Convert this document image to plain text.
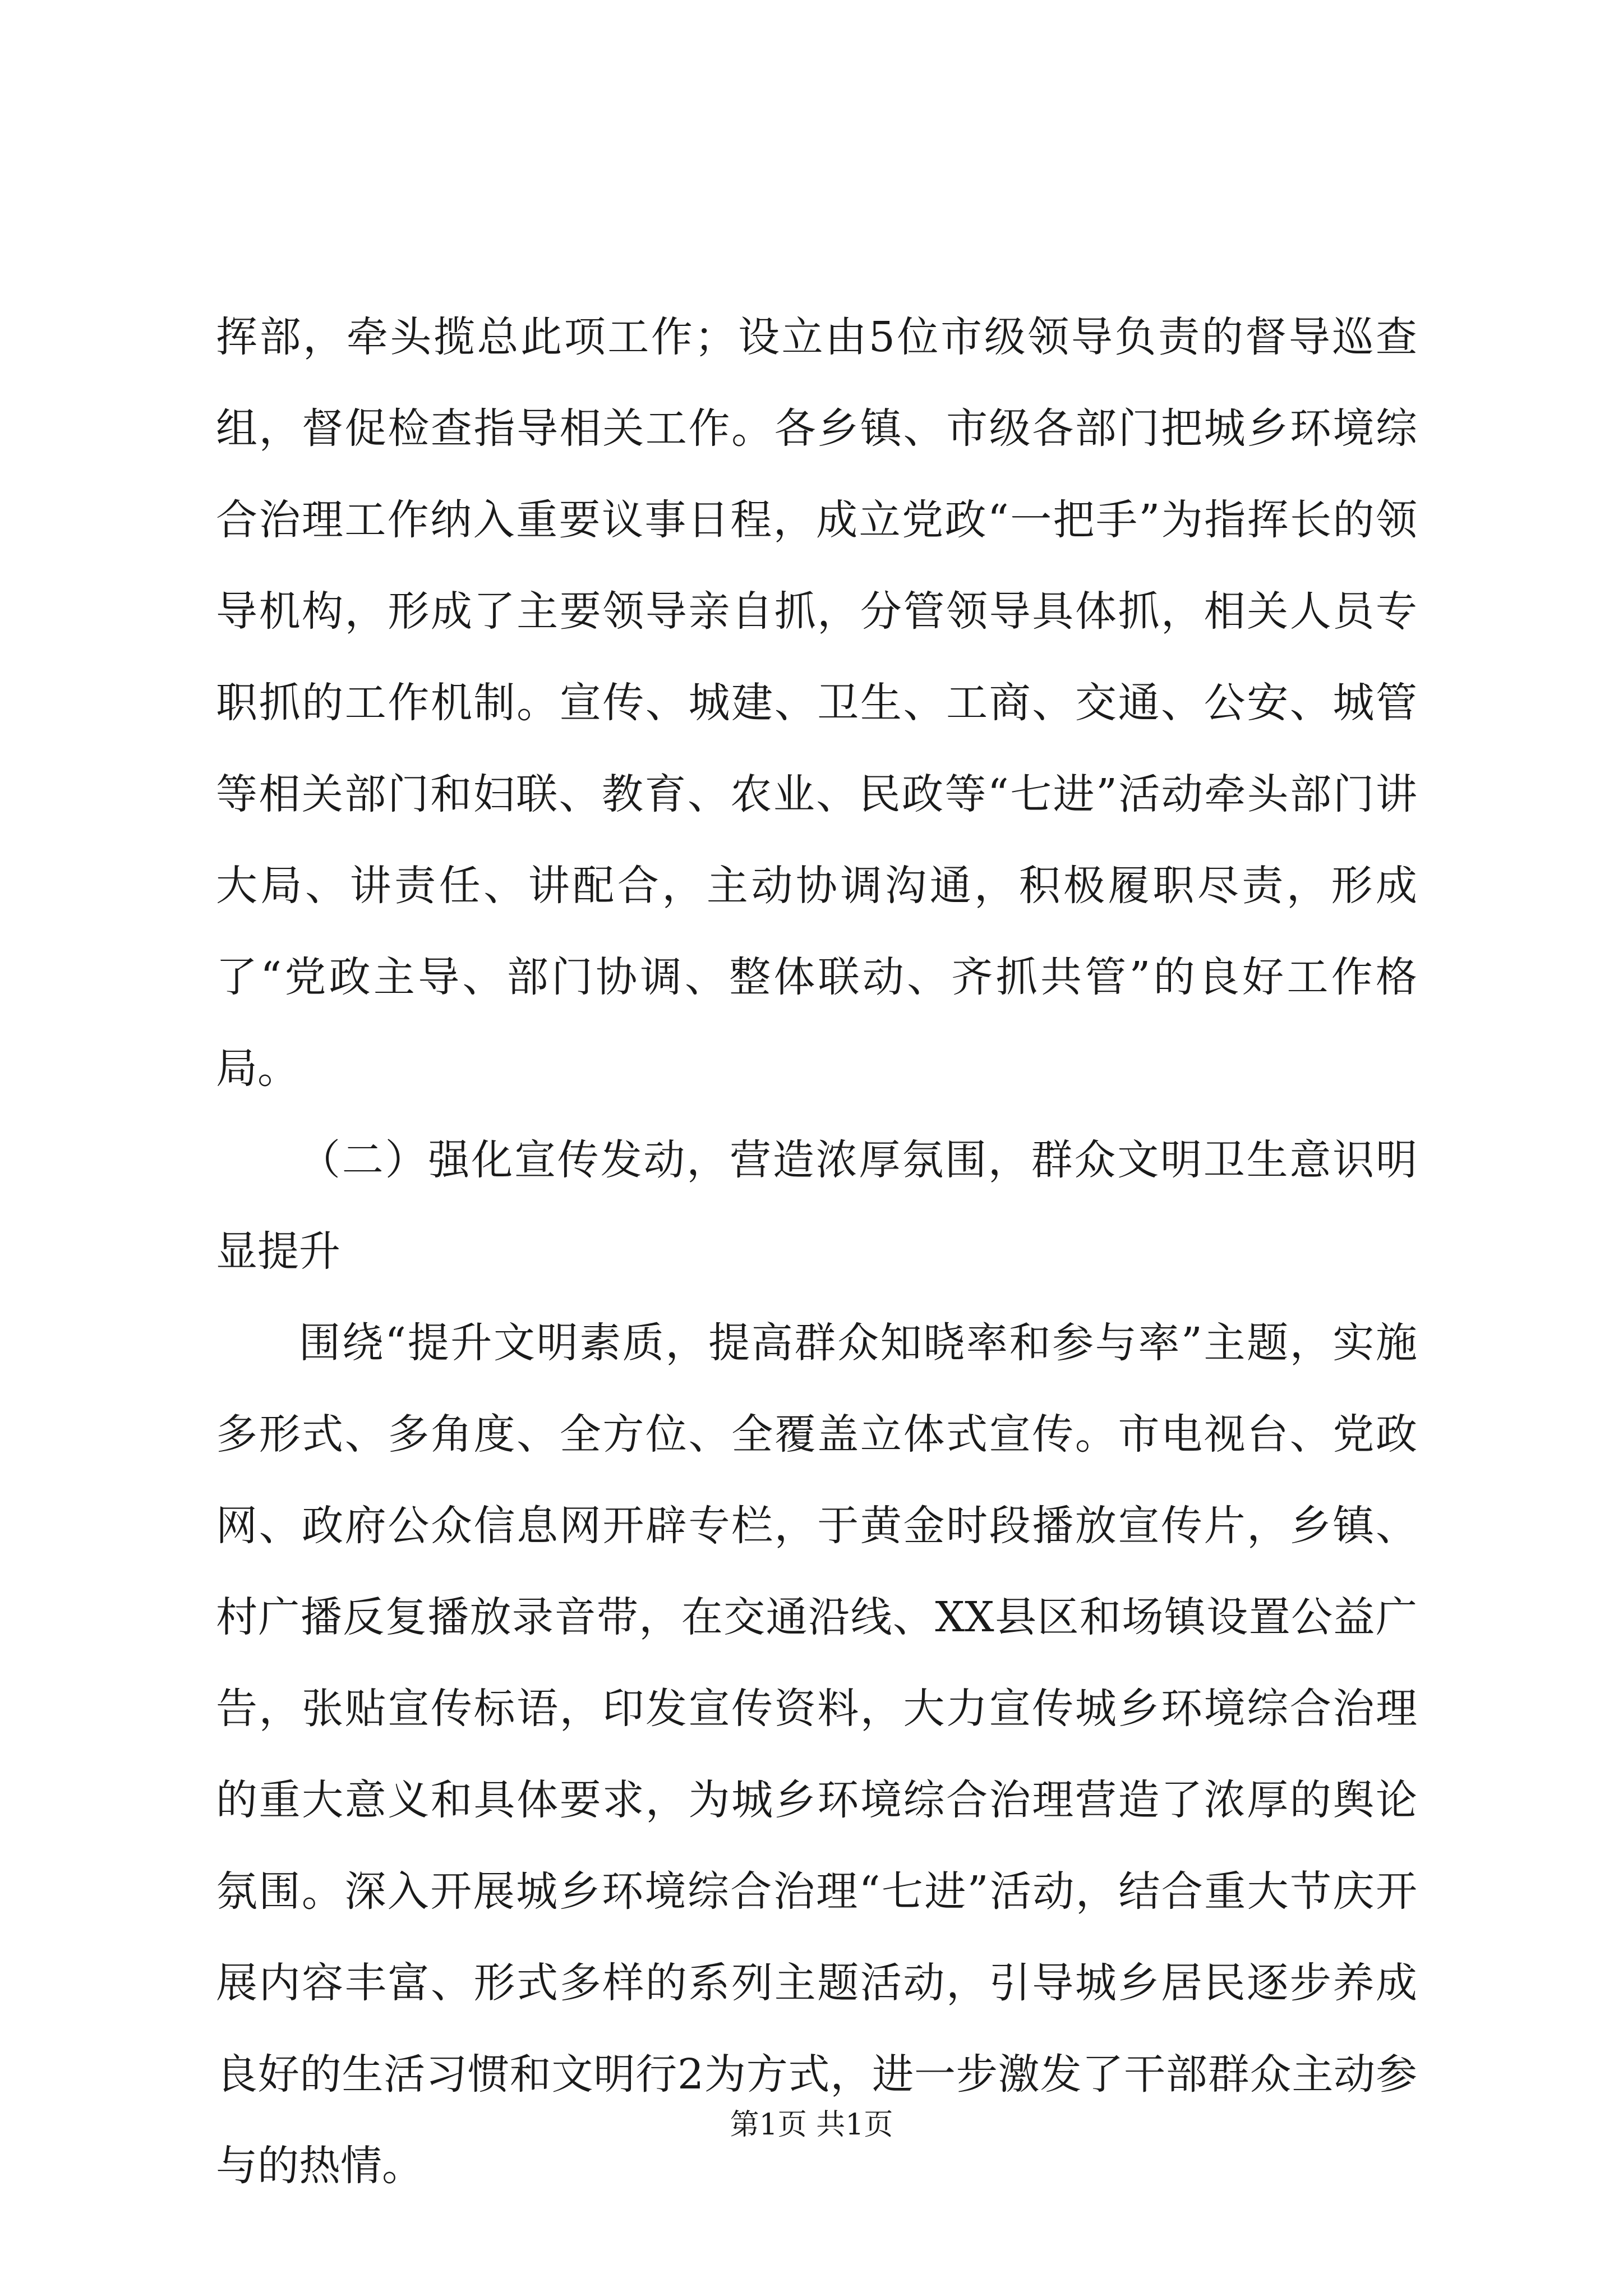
挥部，牵头揽总此项工作；设立由5位市级领导负责的督导巡查组，督促检查指导相关工作。各乡镇、市级各部门把城乡环境综合治理工作纳入重要议事日程，成立党政“一把手”为指挥长的领导机构，形成了主要领导亲自抓，分管领导具体抓，相关人员专职抓的工作机制。宣传、城建、卫生、工商、交通、公安、城管等相关部门和妇联、教育、农业、民政等“七进”活动牵头部门讲大局、讲责任、讲配合，主动协调沟通，积极履职尽责，形成了“党政主导、部门协调、整体联动、齐抓共管”的良好工作格局。

（二）强化宣传发动，营造浓厚氛围，群众文明卫生意识明显提升

围绕“提升文明素质，提高群众知晓率和参与率”主题，实施多形式、多角度、全方位、全覆盖立体式宣传。市电视台、党政网、政府公众信息网开辟专栏，于黄金时段播放宣传片，乡镇、村广播反复播放录音带，在交通沿线、XX县区和场镇设置公益广告，张贴宣传标语，印发宣传资料，大力宣传城乡环境综合治理的重大意义和具体要求，为城乡环境综合治理营造了浓厚的舆论氛围。深入开展城乡环境综合治理“七进”活动，结合重大节庆开展内容丰富、形式多样的系列主题活动，引导城乡居民逐步养成良好的生活习惯和文明行2为方式，进一步激发了干部群众主动参与的热情。

第1页 共1页
